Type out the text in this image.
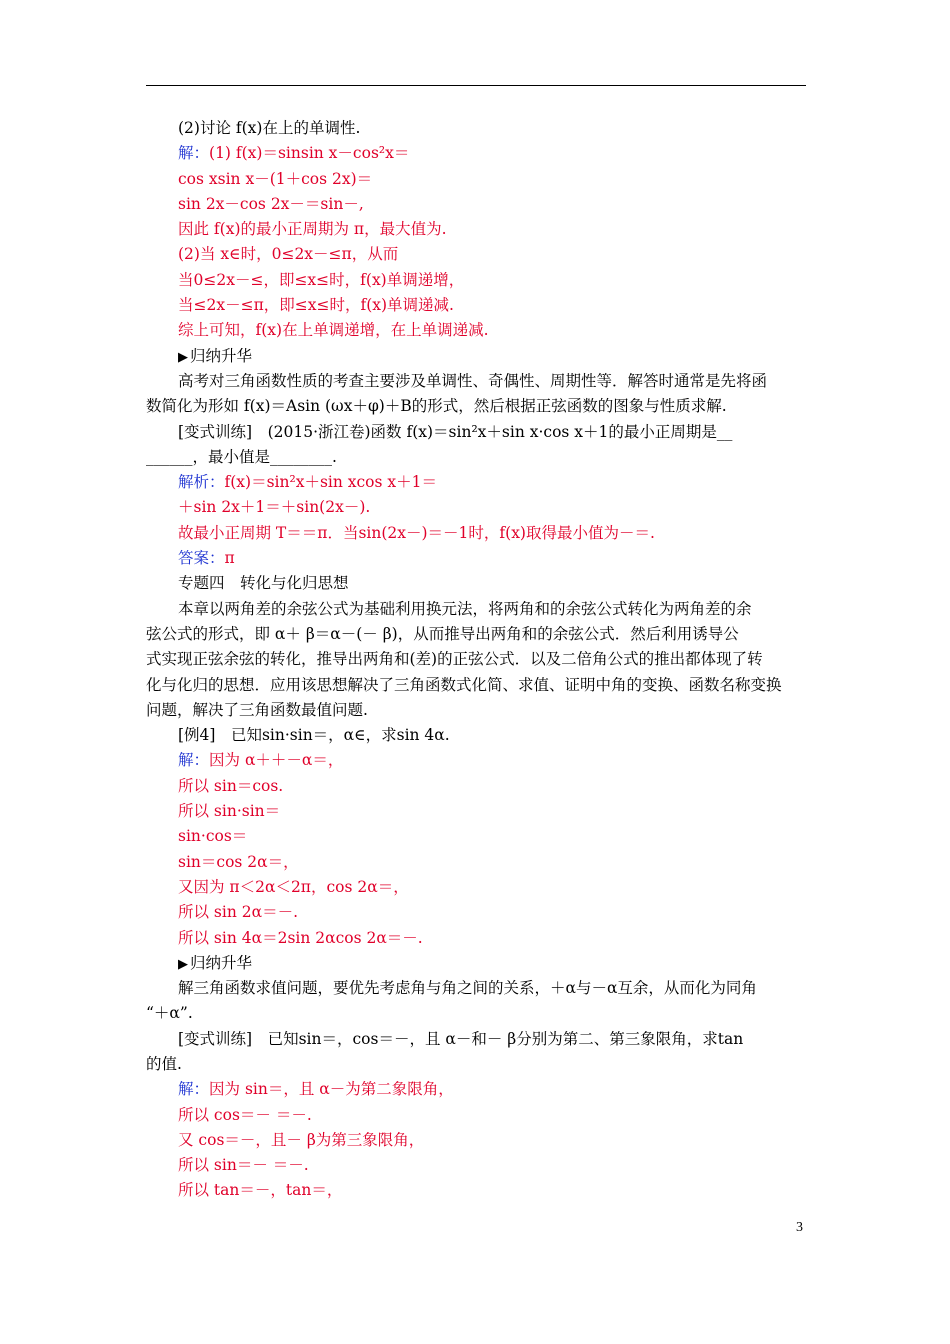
(2)讨论 f(x)在上的单调性.
解：(1) f(x)＝sinsin x－cos²x＝
cos xsin x－(1＋cos 2x)＝
sin 2x－cos 2x－＝sin－,
因此 f(x)的最小正周期为 π，最大值为.
(2)当 x∈时，0≤2x－≤π，从而
当0≤2x－≤，即≤x≤时，f(x)单调递增，
当≤2x－≤π，即≤x≤时，f(x)单调递减.
综上可知，f(x)在上单调递增，在上单调递减.
▶ 归纳升华
高考对三角函数性质的考查主要涉及单调性、奇偶性、周期性等．解答时通常是先将函
数简化为形如 f(x)＝Asin (ωx＋φ)＋B的形式，然后根据正弦函数的图象与性质求解.
[变式训练]　(2015·浙江卷)函数 f(x)＝sin²x＋sin x·cos x＋1的最小正周期是__
______，最小值是________.
解析：f(x)＝sin²x＋sin xcos x＋1＝
＋sin 2x＋1＝＋sin(2x－).
故最小正周期 T＝＝π．当sin(2x－)＝－1时，f(x)取得最小值为－＝.
答案：π
专题四　转化与化归思想
本章以两角差的余弦公式为基础利用换元法，将两角和的余弦公式转化为两角差的余
弦公式的形式，即 α＋ β＝α－(－ β)，从而推导出两角和的余弦公式．然后利用诱导公
式实现正弦余弦的转化，推导出两角和(差)的正弦公式．以及二倍角公式的推出都体现了转
化与化归的思想．应用该思想解决了三角函数式化简、求值、证明中角的变换、函数名称变换
问题，解决了三角函数最值问题.
[例4]　已知sin·sin＝，α∈，求sin 4α.
解：因为 α＋＋－α＝，
所以 sin＝cos.
所以 sin·sin＝
sin·cos＝
sin＝cos 2α＝，
又因为 π＜2α＜2π，cos 2α＝，
所以 sin 2α＝－.
所以 sin 4α＝2sin 2αcos 2α＝－.
▶ 归纳升华
解三角函数求值问题，要优先考虑角与角之间的关系，＋α与－α互余，从而化为同角
“＋α”.
[变式训练]　已知sin＝，cos＝－，且 α－和－ β分别为第二、第三象限角，求tan
的值.
解：因为 sin＝，且 α－为第二象限角，
所以 cos＝－ ＝－.
又 cos＝－，且－ β为第三象限角，
所以 sin＝－ ＝－.
所以 tan＝－，tan＝，
3
